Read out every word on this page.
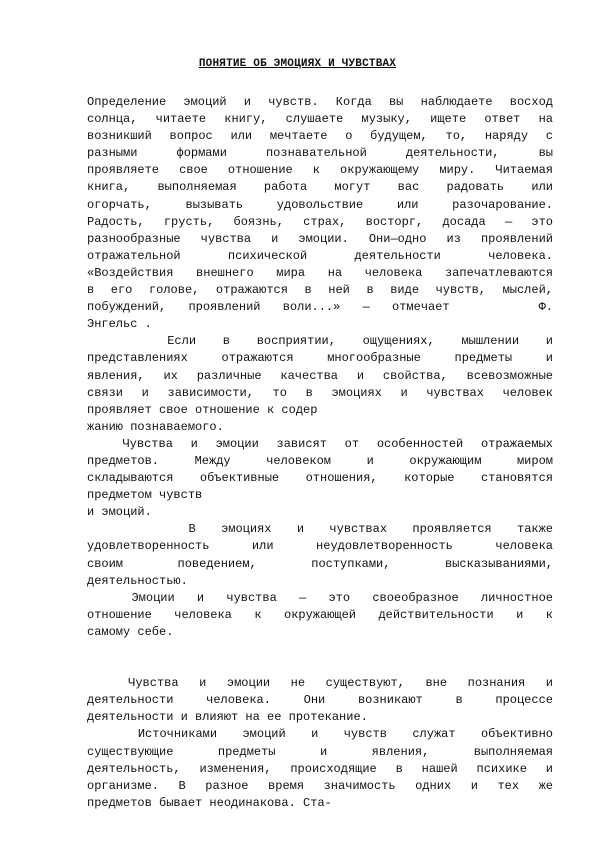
ПОНЯТИЕ ОБ ЭМОЦИЯХ И ЧУВСТВАХ
Определение эмоций и чувств. Когда вы наблюдаете восход
солнца, читаете книгу, слушаете музыку, ищете ответ на
возникший вопрос или мечтаете о будущем, то, наряду с
разными формами познавательной деятельности, вы
проявляете свое отношение к окружающему миру. Читаемая
книга, выполняемая работа могут вас радовать или
огорчать, вызывать удовольствие или разочарование.
Радость, грусть, боязнь, страх, восторг, досада — это
разнообразные чувства и эмоции. Они—одно из проявлений
отражательной психической деятельности человека.
«Воздействия внешнего мира на человека запечатлеваются
в его голове, отражаются в ней в виде чувств, мыслей,
побуждений, проявлений воли...» — отмечает    Ф.
Энгельс .
Если в восприятии, ощущениях, мышлении и
представлениях отражаются многообразные предметы и
явления, их различные качества и свойства, всевозможные
связи и зависимости, то в эмоциях и чувствах человек
проявляет свое отношение к содер
жанию познаваемого.
Чувства и эмоции зависят от особенностей отражаемых
предметов. Между человеком и окружающим миром
складываются объективные отношения, которые становятся
предметом чувств
и эмоций.
В эмоциях и чувствах проявляется также
удовлетворенность или неудовлетворенность человека
своим поведением, поступками, высказываниями,
деятельностью.
Эмоции и чувства — это своеобразное личностное
отношение человека к окружающей действительности и к
самому себе.
Чувства и эмоции не существуют, вне познания и
деятельности человека. Они возникают в процессе
деятельности и влияют на ее протекание.
Источниками эмоций и чувств служат объективно
существующие предметы и явления, выполняемая
деятельность, изменения, происходящие в нашей психике и
организме. В разное время значимость одних и тех же
предметов бывает неодинакова. Ста-
